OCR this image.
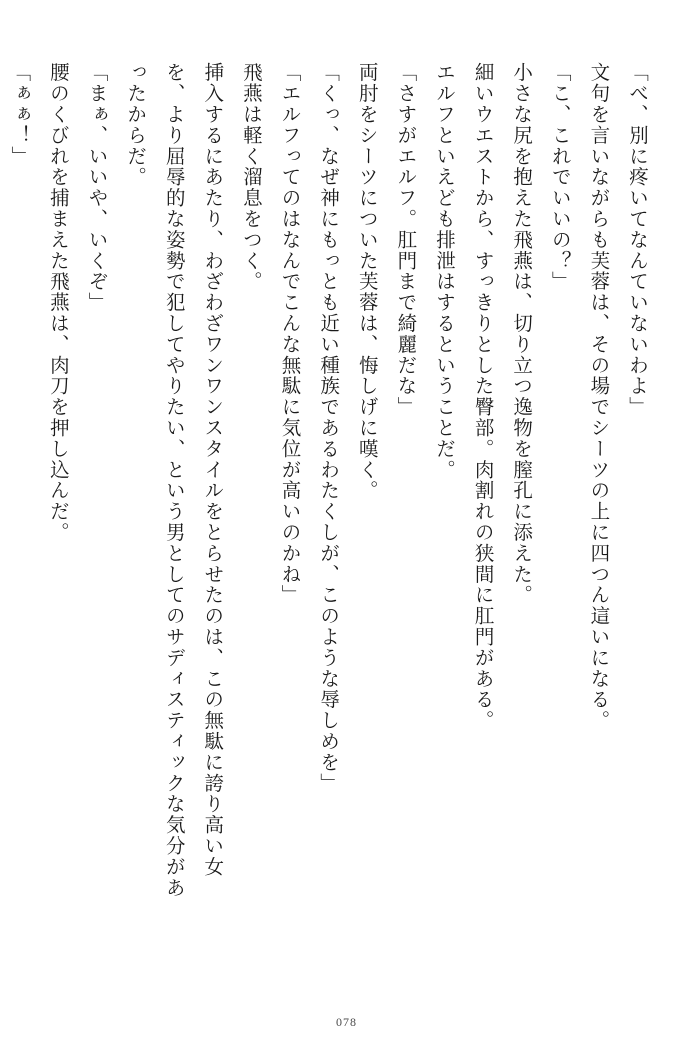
「べ、別に疼いてなんていないわよ」

文句を言いながらも芙蓉は、その場でシーツの上に四つん這いになる。

「こ、これでいいの？」

小さな尻を抱えた飛燕は、切り立つ逸物を膣孔に添えた。

細いウエストから、すっきりとした臀部。肉割れの狭間に肛門がある。

エルフといえども排泄はするということだ。

「さすがエルフ。肛門まで綺麗だな」

両肘をシーツについた芙蓉は、悔しげに嘆く。

「くっ、なぜ神にもっとも近い種族であるわたくしが、このような辱しめを」

「エルフってのはなんでこんな無駄に気位が高いのかね」

飛燕は軽く溜息をつく。

挿入するにあたり、わざわざワンワンスタイルをとらせたのは、この無駄に誇り高い女

を、より屈辱的な姿勢で犯してやりたい、という男としてのサディスティックな気分があ

ったからだ。

「まぁ、いいや、いくぞ」

腰のくびれを捕まえた飛燕は、肉刀を押し込んだ。

「ぁぁ！」

078
